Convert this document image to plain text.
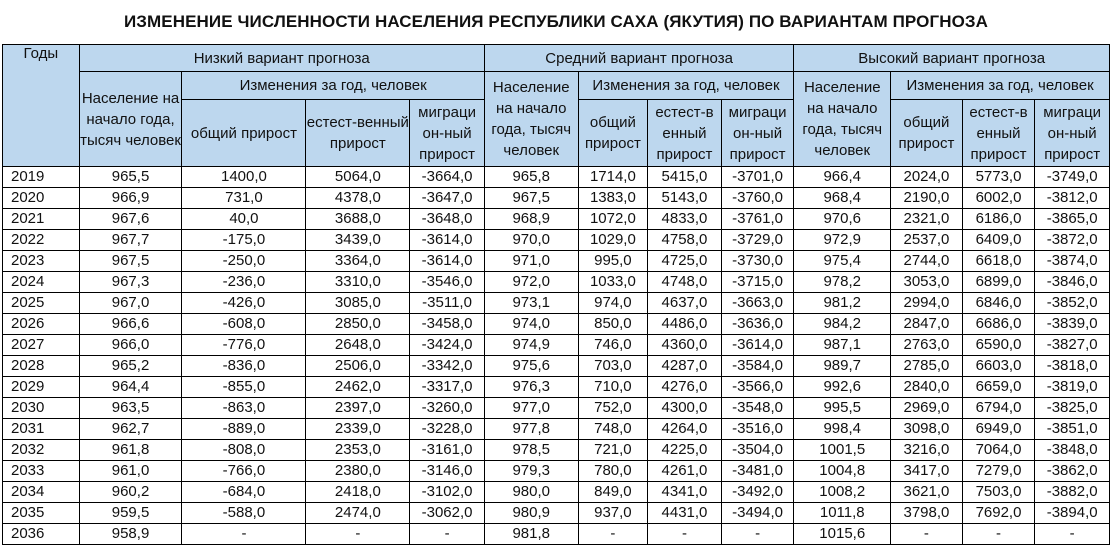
ИЗМЕНЕНИЕ ЧИСЛЕННОСТИ НАСЕЛЕНИЯ РЕСПУБЛИКИ САХА (ЯКУТИЯ) ПО ВАРИАНТАМ ПРОГНОЗА
Годы	Низкий вариант прогноза				Средний вариант прогноза				Высокий вариант прогноза			
	Население на начало года, тысяч человек	Изменения за год, человек			Население на начало года, тысяч человек	Изменения за год, человек			Население на начало года, тысяч человек	Изменения за год, человек		
		общий прирост	естест-венный прирост	миграци он-ный прирост		общий прирост	естест-в енный прирост	миграци он-ный прирост		общий прирост	естест-в енный прирост	миграци он-ный прирост
2019	965,5	1400,0	5064,0	-3664,0	965,8	1714,0	5415,0	-3701,0	966,4	2024,0	5773,0	-3749,0
2020	966,9	731,0	4378,0	-3647,0	967,5	1383,0	5143,0	-3760,0	968,4	2190,0	6002,0	-3812,0
2021	967,6	40,0	3688,0	-3648,0	968,9	1072,0	4833,0	-3761,0	970,6	2321,0	6186,0	-3865,0
2022	967,7	-175,0	3439,0	-3614,0	970,0	1029,0	4758,0	-3729,0	972,9	2537,0	6409,0	-3872,0
2023	967,5	-250,0	3364,0	-3614,0	971,0	995,0	4725,0	-3730,0	975,4	2744,0	6618,0	-3874,0
2024	967,3	-236,0	3310,0	-3546,0	972,0	1033,0	4748,0	-3715,0	978,2	3053,0	6899,0	-3846,0
2025	967,0	-426,0	3085,0	-3511,0	973,1	974,0	4637,0	-3663,0	981,2	2994,0	6846,0	-3852,0
2026	966,6	-608,0	2850,0	-3458,0	974,0	850,0	4486,0	-3636,0	984,2	2847,0	6686,0	-3839,0
2027	966,0	-776,0	2648,0	-3424,0	974,9	746,0	4360,0	-3614,0	987,1	2763,0	6590,0	-3827,0
2028	965,2	-836,0	2506,0	-3342,0	975,6	703,0	4287,0	-3584,0	989,7	2785,0	6603,0	-3818,0
2029	964,4	-855,0	2462,0	-3317,0	976,3	710,0	4276,0	-3566,0	992,6	2840,0	6659,0	-3819,0
2030	963,5	-863,0	2397,0	-3260,0	977,0	752,0	4300,0	-3548,0	995,5	2969,0	6794,0	-3825,0
2031	962,7	-889,0	2339,0	-3228,0	977,8	748,0	4264,0	-3516,0	998,4	3098,0	6949,0	-3851,0
2032	961,8	-808,0	2353,0	-3161,0	978,5	721,0	4225,0	-3504,0	1001,5	3216,0	7064,0	-3848,0
2033	961,0	-766,0	2380,0	-3146,0	979,3	780,0	4261,0	-3481,0	1004,8	3417,0	7279,0	-3862,0
2034	960,2	-684,0	2418,0	-3102,0	980,0	849,0	4341,0	-3492,0	1008,2	3621,0	7503,0	-3882,0
2035	959,5	-588,0	2474,0	-3062,0	980,9	937,0	4431,0	-3494,0	1011,8	3798,0	7692,0	-3894,0
2036	958,9	-	-	-	981,8	-	-	-	1015,6	-	-	-
